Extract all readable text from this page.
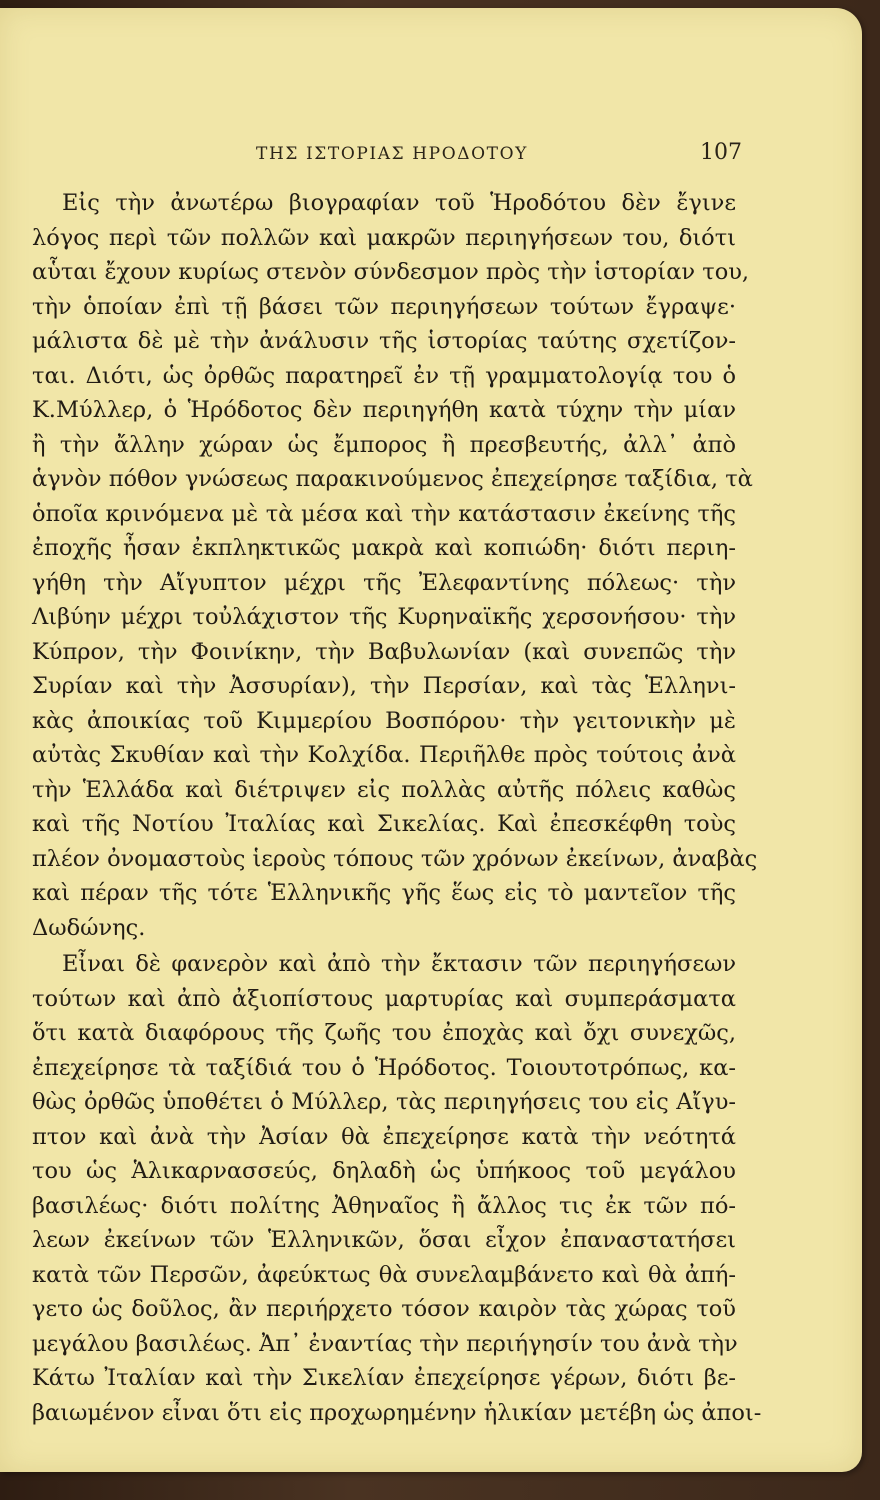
ΤΗΣ ΙΣΤΟΡΙΑΣ ΗΡΟΔΟΤΟΥ	107
Εἰς τὴν ἀνωτέρω βιογραφίαν τοῦ Ἡροδότου δὲν ἔγινε
λόγος περὶ τῶν πολλῶν καὶ μακρῶν περιηγήσεων του, διότι
αὗται ἔχουν κυρίως στενὸν σύνδεσμον πρὸς τὴν ἱστορίαν του,
τὴν ὁποίαν ἐπὶ τῇ βάσει τῶν περιηγήσεων τούτων ἔγραψε·
μάλιστα δὲ μὲ τὴν ἀνάλυσιν τῆς ἱστορίας ταύτης σχετίζον-
ται. Διότι, ὡς ὀρθῶς παρατηρεῖ ἐν τῇ γραμματολογίᾳ του ὁ
Κ.Μύλλερ, ὁ Ἡρόδοτος δὲν περιηγήθη κατὰ τύχην τὴν μίαν
ἢ τὴν ἄλλην χώραν ὡς ἔμπορος ἢ πρεσβευτής, ἀλλ᾽ ἀπὸ
ἁγνὸν πόθον γνώσεως παρακινούμενος ἐπεχείρησε ταξίδια, τὰ
ὁποῖα κρινόμενα μὲ τὰ μέσα καὶ τὴν κατάστασιν ἐκείνης τῆς
ἐποχῆς ἦσαν ἐκπληκτικῶς μακρὰ καὶ κοπιώδη· διότι περιη-
γήθη τὴν Αἴγυπτον μέχρι τῆς Ἐλεφαντίνης πόλεως· τὴν
Λιβύην μέχρι τοὐλάχιστον τῆς Κυρηναϊκῆς χερσονήσου· τὴν
Κύπρον, τὴν Φοινίκην, τὴν Βαβυλωνίαν (καὶ συνεπῶς τὴν
Συρίαν καὶ τὴν Ἀσσυρίαν), τὴν Περσίαν, καὶ τὰς Ἑλληνι-
κὰς ἀποικίας τοῦ Κιμμερίου Βοσπόρου· τὴν γειτονικὴν μὲ
αὐτὰς Σκυθίαν καὶ τὴν Κολχίδα. Περιῆλθε πρὸς τούτοις ἀνὰ
τὴν Ἑλλάδα καὶ διέτριψεν εἰς πολλὰς αὐτῆς πόλεις καθὼς
καὶ τῆς Νοτίου Ἰταλίας καὶ Σικελίας. Καὶ ἐπεσκέφθη τοὺς
πλέον ὀνομαστοὺς ἱεροὺς τόπους τῶν χρόνων ἐκείνων, ἀναβὰς
καὶ πέραν τῆς τότε Ἑλληνικῆς γῆς ἕως εἰς τὸ μαντεῖον τῆς
Δωδώνης.
Εἶναι δὲ φανερὸν καὶ ἀπὸ τὴν ἔκτασιν τῶν περιηγήσεων
τούτων καὶ ἀπὸ ἀξιοπίστους μαρτυρίας καὶ συμπεράσματα
ὅτι κατὰ διαφόρους τῆς ζωῆς του ἐποχὰς καὶ ὄχι συνεχῶς,
ἐπεχείρησε τὰ ταξίδιά του ὁ Ἡρόδοτος. Τοιουτοτρόπως, κα-
θὼς ὀρθῶς ὑποθέτει ὁ Μύλλερ, τὰς περιηγήσεις του εἰς Αἴγυ-
πτον καὶ ἀνὰ τὴν Ἀσίαν θὰ ἐπεχείρησε κατὰ τὴν νεότητά
του ὡς Ἁλικαρνασσεύς, δηλαδὴ ὡς ὑπήκοος τοῦ μεγάλου
βασιλέως· διότι πολίτης Ἀθηναῖος ἢ ἄλλος τις ἐκ τῶν πό-
λεων ἐκείνων τῶν Ἑλληνικῶν, ὅσαι εἶχον ἐπαναστατήσει
κατὰ τῶν Περσῶν, ἀφεύκτως θὰ συνελαμβάνετο καὶ θὰ ἀπή-
γετο ὡς δοῦλος, ἂν περιήρχετο τόσον καιρὸν τὰς χώρας τοῦ
μεγάλου βασιλέως. Ἀπ᾽ ἐναντίας τὴν περιήγησίν του ἀνὰ τὴν
Κάτω Ἰταλίαν καὶ τὴν Σικελίαν ἐπεχείρησε γέρων, διότι βε-
βαιωμένον εἶναι ὅτι εἰς προχωρημένην ἡλικίαν μετέβη ὡς ἀποι-
